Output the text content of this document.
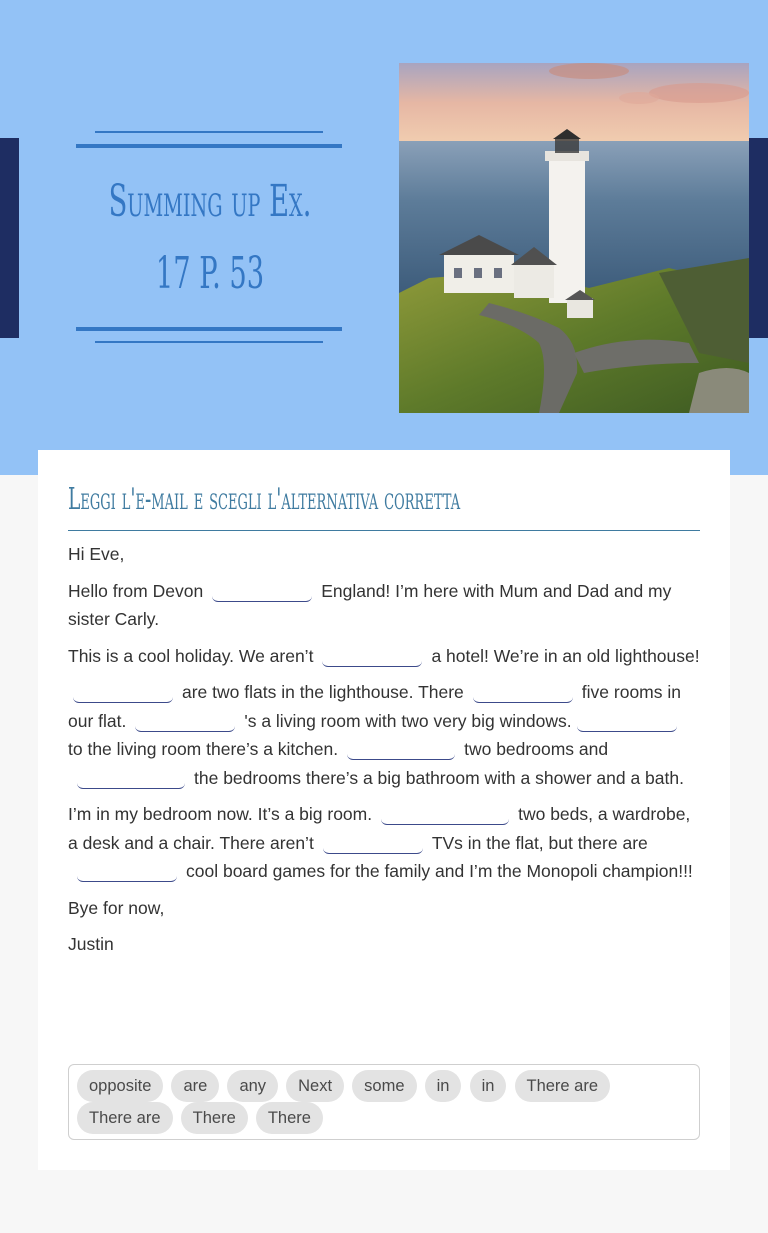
Summing up Ex. 17 P. 53
Leggi l'e-mail e scegli l'alternativa corretta

Hi Eve,

Hello from Devon	England! I’m here with Mum and Dad and my sister Carly.

This is a cool holiday. We aren’t	a hotel! We’re in an old lighthouse!

are two flats in the lighthouse. There	five rooms in our flat.	's a living room with two very big windows.to the living room there’s a kitchen.	two bedrooms andthe bedrooms there’s a big bathroom with a shower and a bath.

I’m in my bedroom now. It’s a big room.	two beds, a wardrobe, a desk and a chair. There aren’t	TVs in the flat, but there arecool board games for the family and I’m the Monopoli champion!!!

Bye for now,

Justin

opposite are any Next some in in There are
There are There There
